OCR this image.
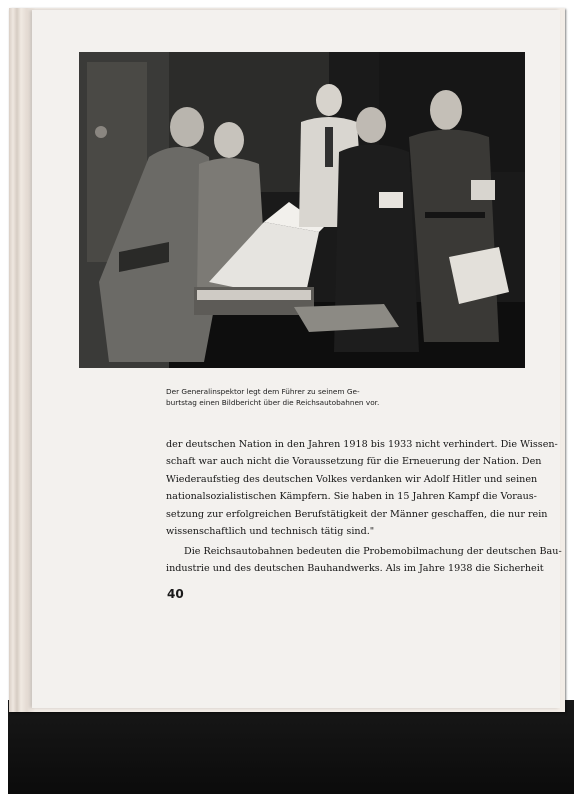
Der Generalinspektor legt dem Führer zu seinem Ge-
burtstag einen Bildbericht über die Reichsautobahnen vor.
der deutschen Nation in den Jahren 1918 bis 1933 nicht verhindert. Die Wissen-
schaft war auch nicht die Voraussetzung für die Erneuerung der Nation. Den
Wiederaufstieg des deutschen Volkes verdanken wir Adolf Hitler und seinen
nationalsozialistischen Kämpfern. Sie haben in 15 Jahren Kampf die Voraus-
setzung zur erfolgreichen Berufstätigkeit der Männer geschaffen, die nur rein
wissenschaftlich und technisch tätig sind."
Die Reichsautobahnen bedeuten die Probemobilmachung der deutschen Bau-
industrie und des deutschen Bauhandwerks. Als im Jahre 1938 die Sicherheit
40
